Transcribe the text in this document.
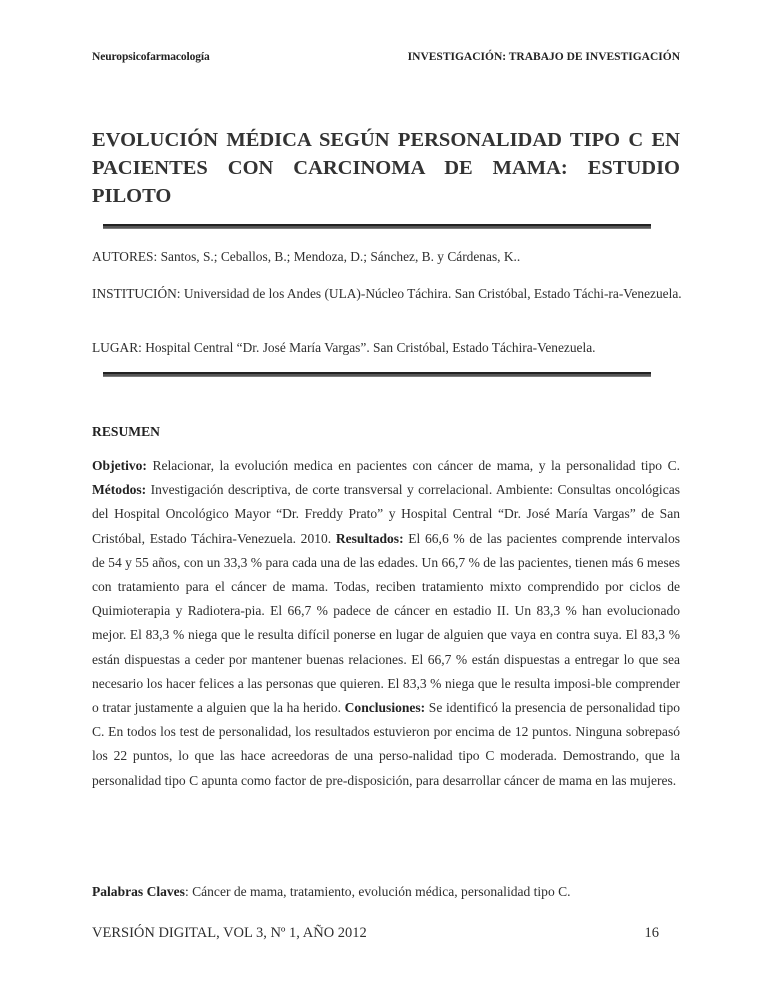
Neuropsicofarmacología	INVESTIGACIÓN: TRABAJO DE INVESTIGACIÓN
EVOLUCIÓN MÉDICA SEGÚN PERSONALIDAD TIPO C EN
PACIENTES CON CARCINOMA DE MAMA: ESTUDIO
PILOTO

AUTORES: Santos, S.; Ceballos, B.; Mendoza, D.; Sánchez, B. y Cárdenas, K..

INSTITUCIÓN: Universidad de los Andes (ULA)-Núcleo Táchira. San Cristóbal, Estado Táchi-ra-Venezuela.

LUGAR: Hospital Central “Dr. José María Vargas”. San Cristóbal, Estado Táchira-Venezuela.

RESUMEN

Objetivo: Relacionar, la evolución medica en pacientes con cáncer de mama, y la personalidad tipo C. Métodos: Investigación descriptiva, de corte transversal y correlacional. Ambiente: Consultas oncológicas del Hospital Oncológico Mayor “Dr. Freddy Prato” y Hospital Central “Dr. José María Vargas” de San Cristóbal, Estado Táchira-Venezuela. 2010. Resultados: El 66,6 % de las pacientes comprende intervalos de 54 y 55 años, con un 33,3 % para cada una de las edades. Un 66,7 % de las pacientes, tienen más 6 meses con tratamiento para el cáncer de mama. Todas, reciben tratamiento mixto comprendido por ciclos de Quimioterapia y Radiotera-pia. El 66,7 % padece de cáncer en estadio II. Un 83,3 % han evolucionado mejor. El 83,3 % niega que le resulta difícil ponerse en lugar de alguien que vaya en contra suya. El 83,3 % están dispuestas a ceder por mantener buenas relaciones. El 66,7 % están dispuestas a entregar lo que sea necesario los hacer felices a las personas que quieren. El 83,3 % niega que le resulta imposi-ble comprender o tratar justamente a alguien que la ha herido. Conclusiones: Se identificó la presencia de personalidad tipo C. En todos los test de personalidad, los resultados estuvieron por encima de 12 puntos. Ninguna sobrepasó los 22 puntos, lo que las hace acreedoras de una perso-nalidad tipo C moderada. Demostrando, que la personalidad tipo C apunta como factor de pre-disposición, para desarrollar cáncer de mama en las mujeres.

Palabras Claves: Cáncer de mama, tratamiento, evolución médica, personalidad tipo C.

VERSIÓN DIGITAL, VOL 3, Nº 1, AÑO 2012	16
